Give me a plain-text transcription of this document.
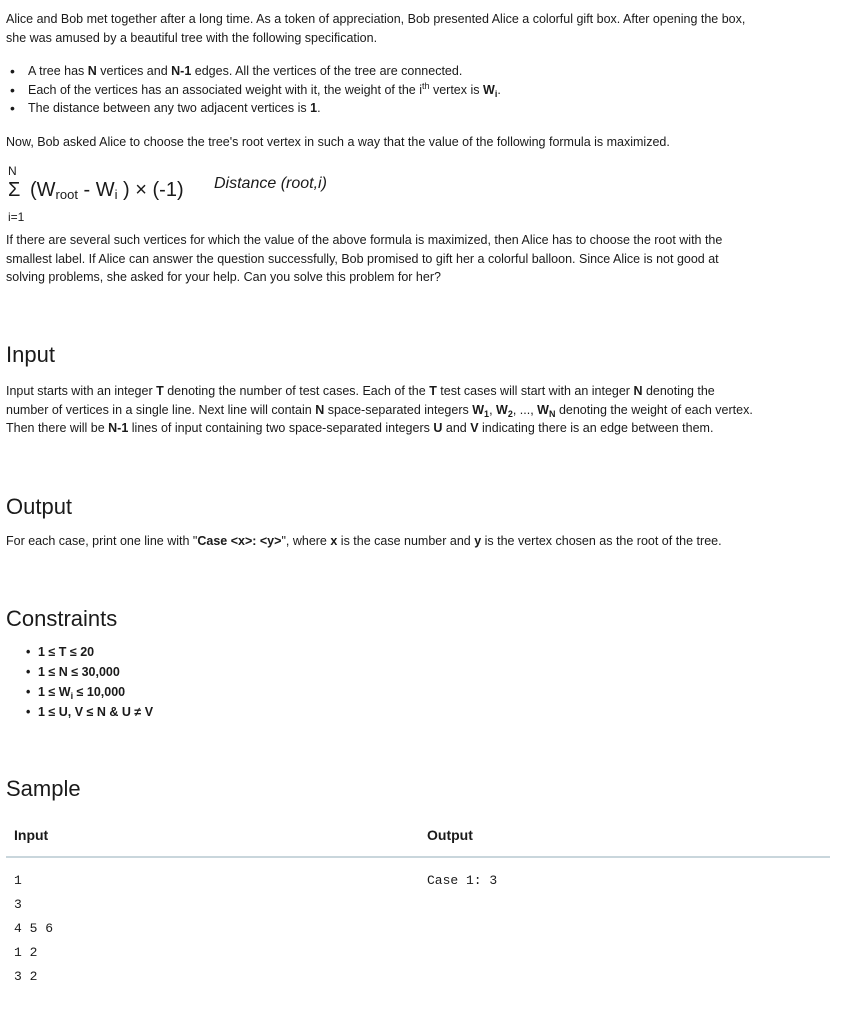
Alice and Bob met together after a long time. As a token of appreciation, Bob presented Alice a colorful gift box. After opening the box,
she was amused by a beautiful tree with the following specification.
• A tree has N vertices and N-1 edges. All the vertices of the tree are connected.
• Each of the vertices has an associated weight with it, the weight of the $i^{th}$ vertex is $W_i$.
• The distance between any two adjacent vertices is 1.
Now, Bob asked Alice to choose the tree's root vertex in such a way that the value of the following formula is maximized.
N
Σ (Wroot - Wi ) × (-1) Distance (root,i)
i=1
If there are several such vertices for which the value of the above formula is maximized, then Alice has to choose the root with the
smallest label. If Alice can answer the question successfully, Bob promised to gift her a colorful balloon. Since Alice is not good at
solving problems, she asked for your help. Can you solve this problem for her?
Input
Input starts with an integer T denoting the number of test cases. Each of the T test cases will start with an integer N denoting the
number of vertices in a single line. Next line will contain N space-separated integers $W_1$, $W_2$, ..., $W_N$ denoting the weight of each vertex.
Then there will be N-1 lines of input containing two space-separated integers U and V indicating there is an edge between them.
Output
For each case, print one line with "Case <x>: <y>", where x is the case number and y is the vertex chosen as the root of the tree.
Constraints
• 1 ≤ T ≤ 20
• 1 ≤ N ≤ 30,000
• $1 \le W_i \le 10,000$
• 1 ≤ U, V ≤ N & U ≠ V
Sample
Input	Output
1
3
4 5 6
1 2
3 2
Case 1: 3
